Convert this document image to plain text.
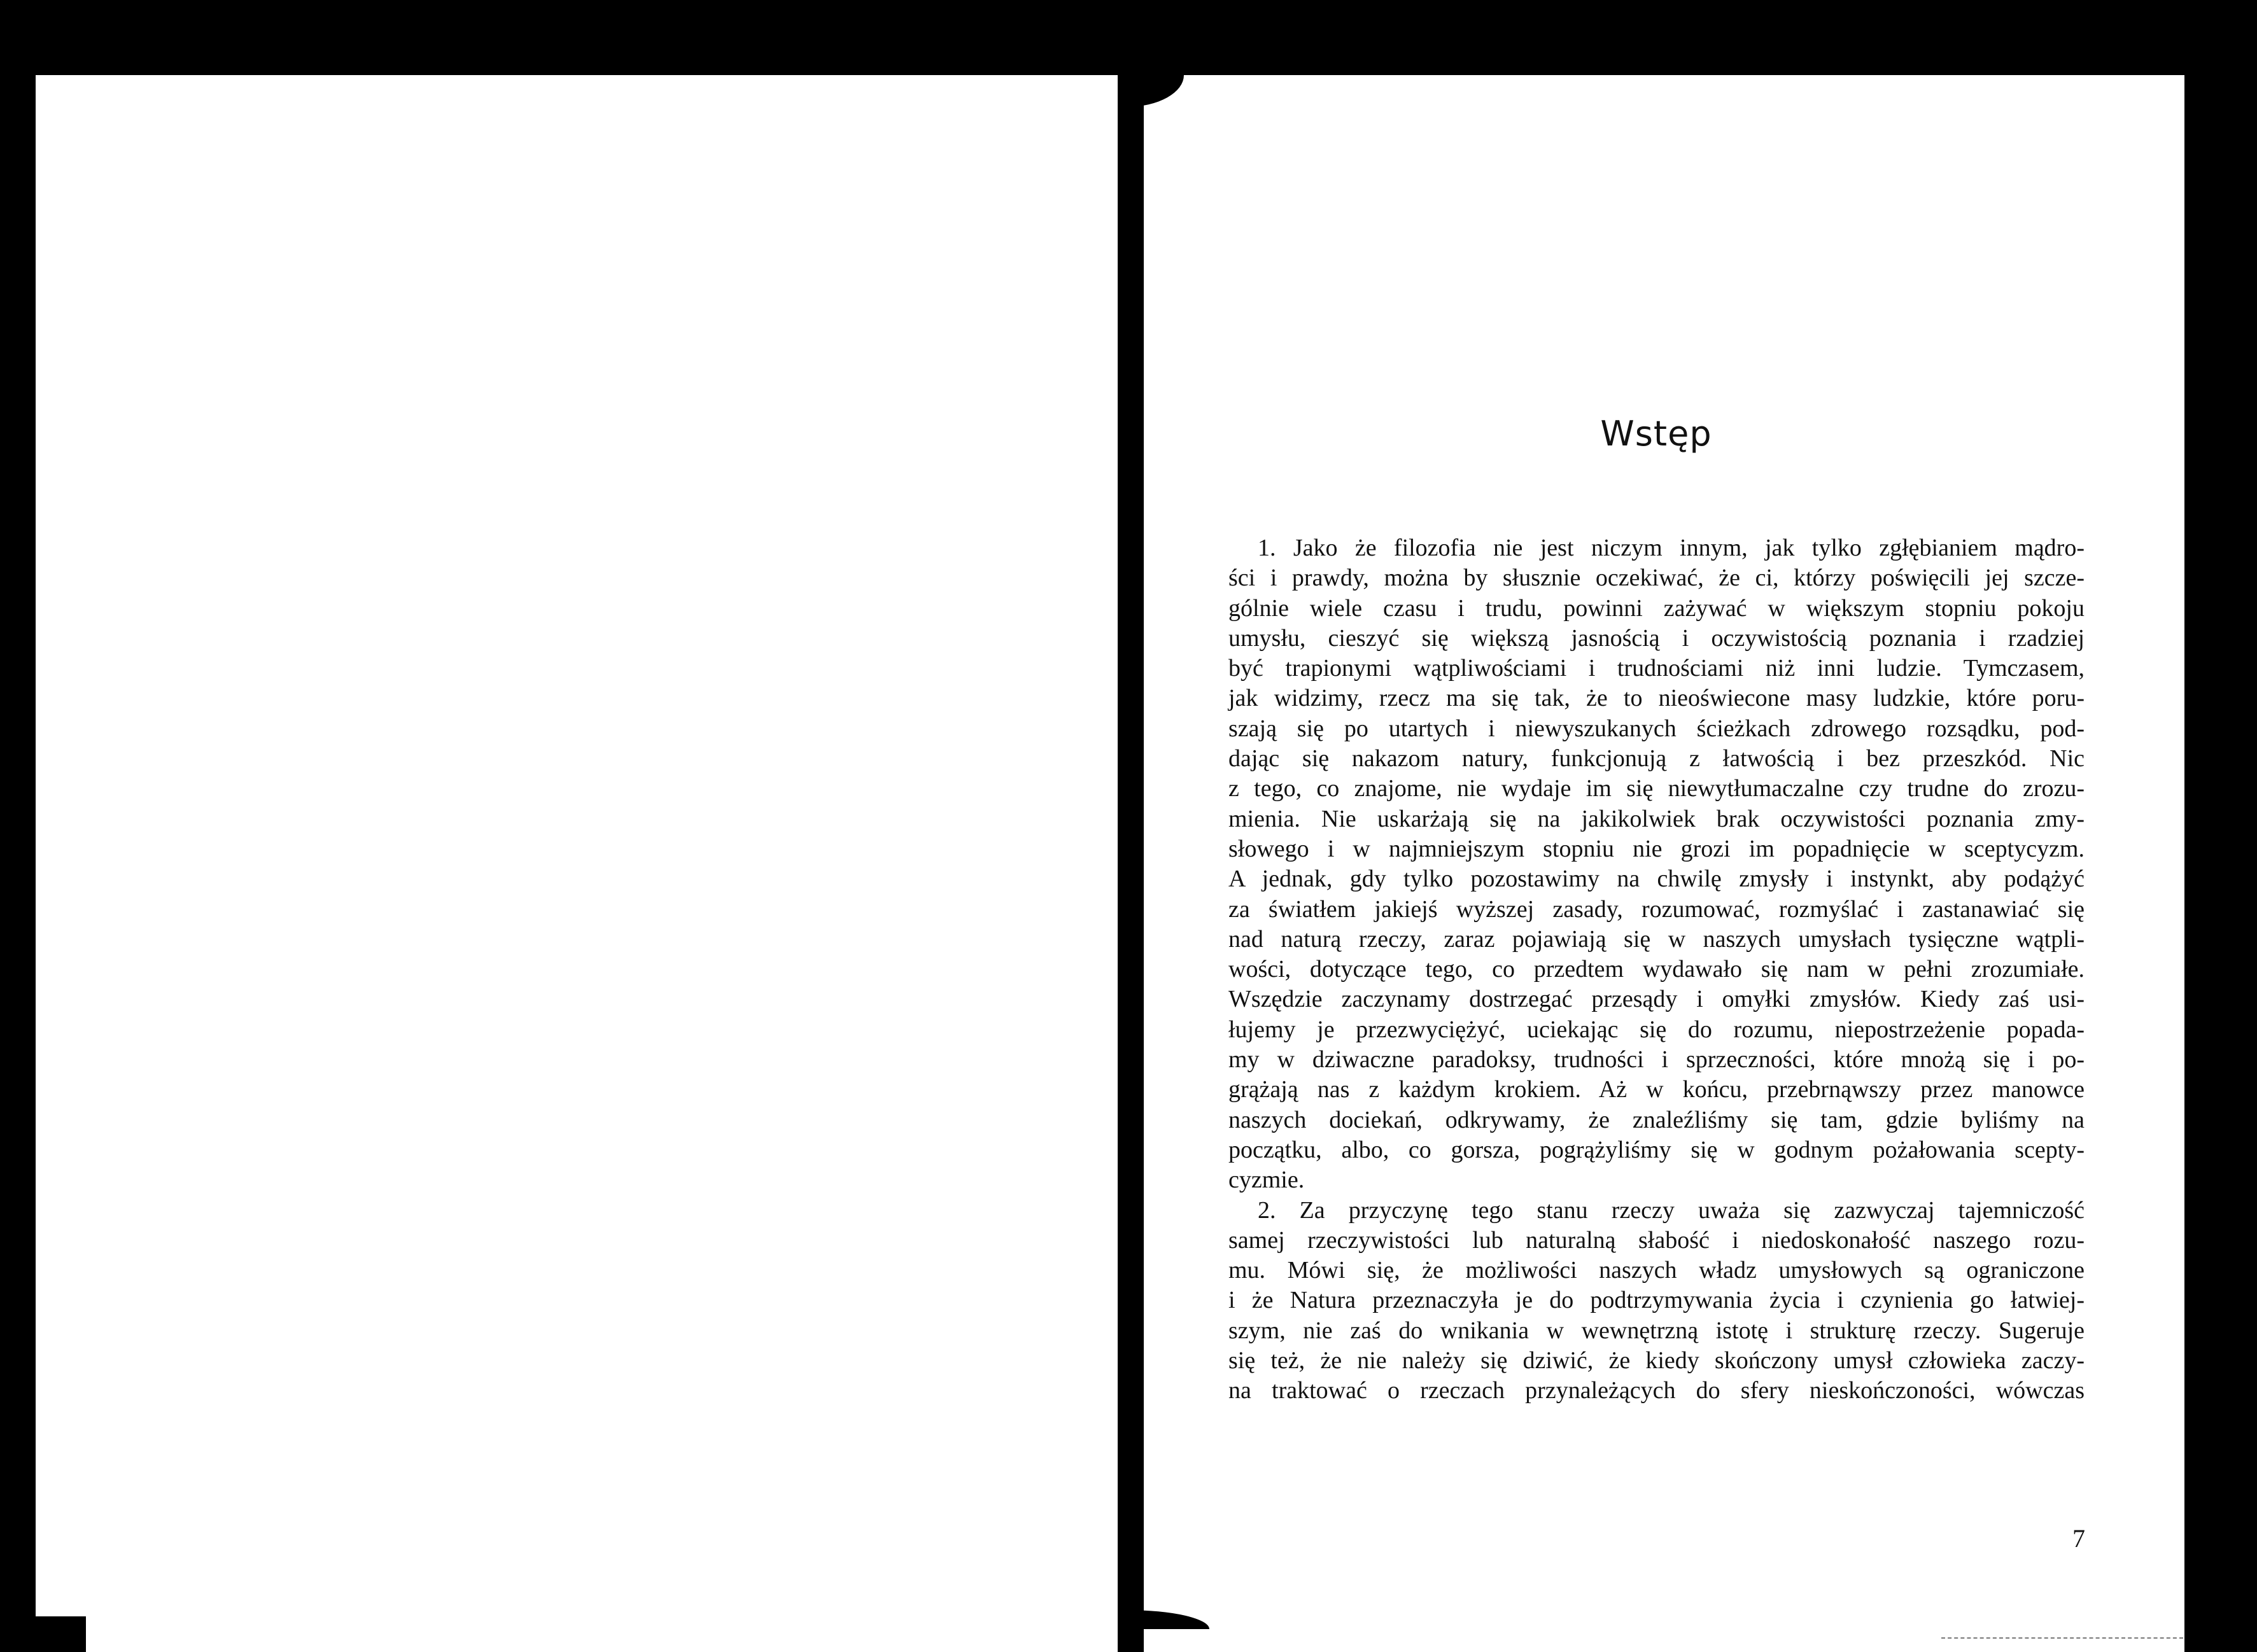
Wstęp
1. Jako że filozofia nie jest niczym innym, jak tylko zgłębianiem mądro-
ści i prawdy, można by słusznie oczekiwać, że ci, którzy poświęcili jej szcze-
gólnie wiele czasu i trudu, powinni zażywać w większym stopniu pokoju
umysłu, cieszyć się większą jasnością i oczywistością poznania i rzadziej
być trapionymi wątpliwościami i trudnościami niż inni ludzie. Tymczasem,
jak widzimy, rzecz ma się tak, że to nieoświecone masy ludzkie, które poru-
szają się po utartych i niewyszukanych ścieżkach zdrowego rozsądku, pod-
dając się nakazom natury, funkcjonują z łatwością i bez przeszkód. Nic
z tego, co znajome, nie wydaje im się niewytłumaczalne czy trudne do zrozu-
mienia. Nie uskarżają się na jakikolwiek brak oczywistości poznania zmy-
słowego i w najmniejszym stopniu nie grozi im popadnięcie w sceptycyzm.
A jednak, gdy tylko pozostawimy na chwilę zmysły i instynkt, aby podążyć
za światłem jakiejś wyższej zasady, rozumować, rozmyślać i zastanawiać się
nad naturą rzeczy, zaraz pojawiają się w naszych umysłach tysięczne wątpli-
wości, dotyczące tego, co przedtem wydawało się nam w pełni zrozumiałe.
Wszędzie zaczynamy dostrzegać przesądy i omyłki zmysłów. Kiedy zaś usi-
łujemy je przezwyciężyć, uciekając się do rozumu, niepostrzeżenie popada-
my w dziwaczne paradoksy, trudności i sprzeczności, które mnożą się i po-
grążają nas z każdym krokiem. Aż w końcu, przebrnąwszy przez manowce
naszych dociekań, odkrywamy, że znaleźliśmy się tam, gdzie byliśmy na
początku, albo, co gorsza, pogrążyliśmy się w godnym pożałowania scepty-
cyzmie.
2. Za przyczynę tego stanu rzeczy uważa się zazwyczaj tajemniczość
samej rzeczywistości lub naturalną słabość i niedoskonałość naszego rozu-
mu. Mówi się, że możliwości naszych władz umysłowych są ograniczone
i że Natura przeznaczyła je do podtrzymywania życia i czynienia go łatwiej-
szym, nie zaś do wnikania w wewnętrzną istotę i strukturę rzeczy. Sugeruje
się też, że nie należy się dziwić, że kiedy skończony umysł człowieka zaczy-
na traktować o rzeczach przynależących do sfery nieskończoności, wówczas
7
